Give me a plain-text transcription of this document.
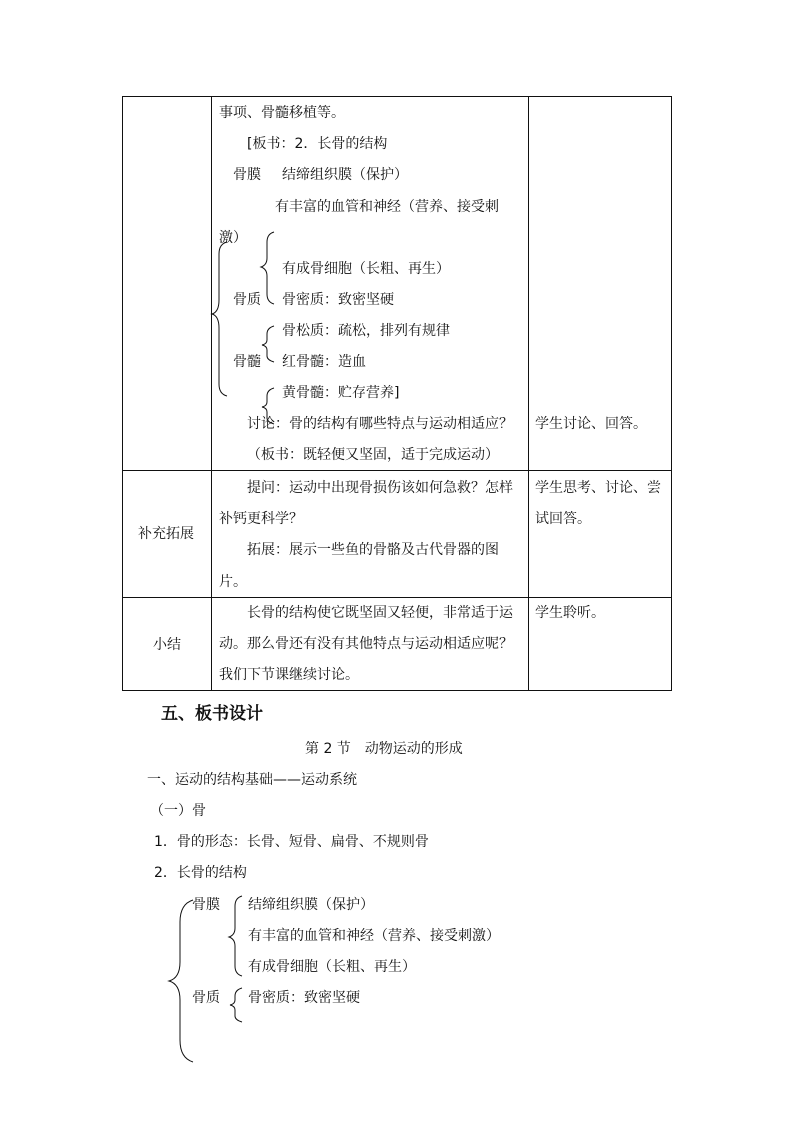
事项、骨髓移植等。
[板书：2．长骨的结构
骨膜 结缔组织膜（保护）
有丰富的血管和神经（营养、接受刺
激）
有成骨细胞（长粗、再生）
骨质 骨密质：致密坚硬
骨松质：疏松，排列有规律
骨髓 红骨髓：造血
黄骨髓：贮存营养]
讨论：骨的结构有哪些特点与运动相适应？
（板书：既轻便又坚固，适于完成运动）
学生讨论、回答。
补充拓展
提问：运动中出现骨损伤该如何急救？怎样
补钙更科学？
拓展：展示一些鱼的骨骼及古代骨器的图
片。
学生思考、讨论、尝
试回答。
小结
长骨的结构使它既坚固又轻便，非常适于运
动。那么骨还有没有其他特点与运动相适应呢？
我们下节课继续讨论。
学生聆听。
五、板书设计
第 2 节　动物运动的形成
一、运动的结构基础——运动系统
（一）骨
1．骨的形态：长骨、短骨、扁骨、不规则骨
2．长骨的结构
骨膜 结缔组织膜（保护）
有丰富的血管和神经（营养、接受刺激）
有成骨细胞（长粗、再生）
骨质 骨密质：致密坚硬
